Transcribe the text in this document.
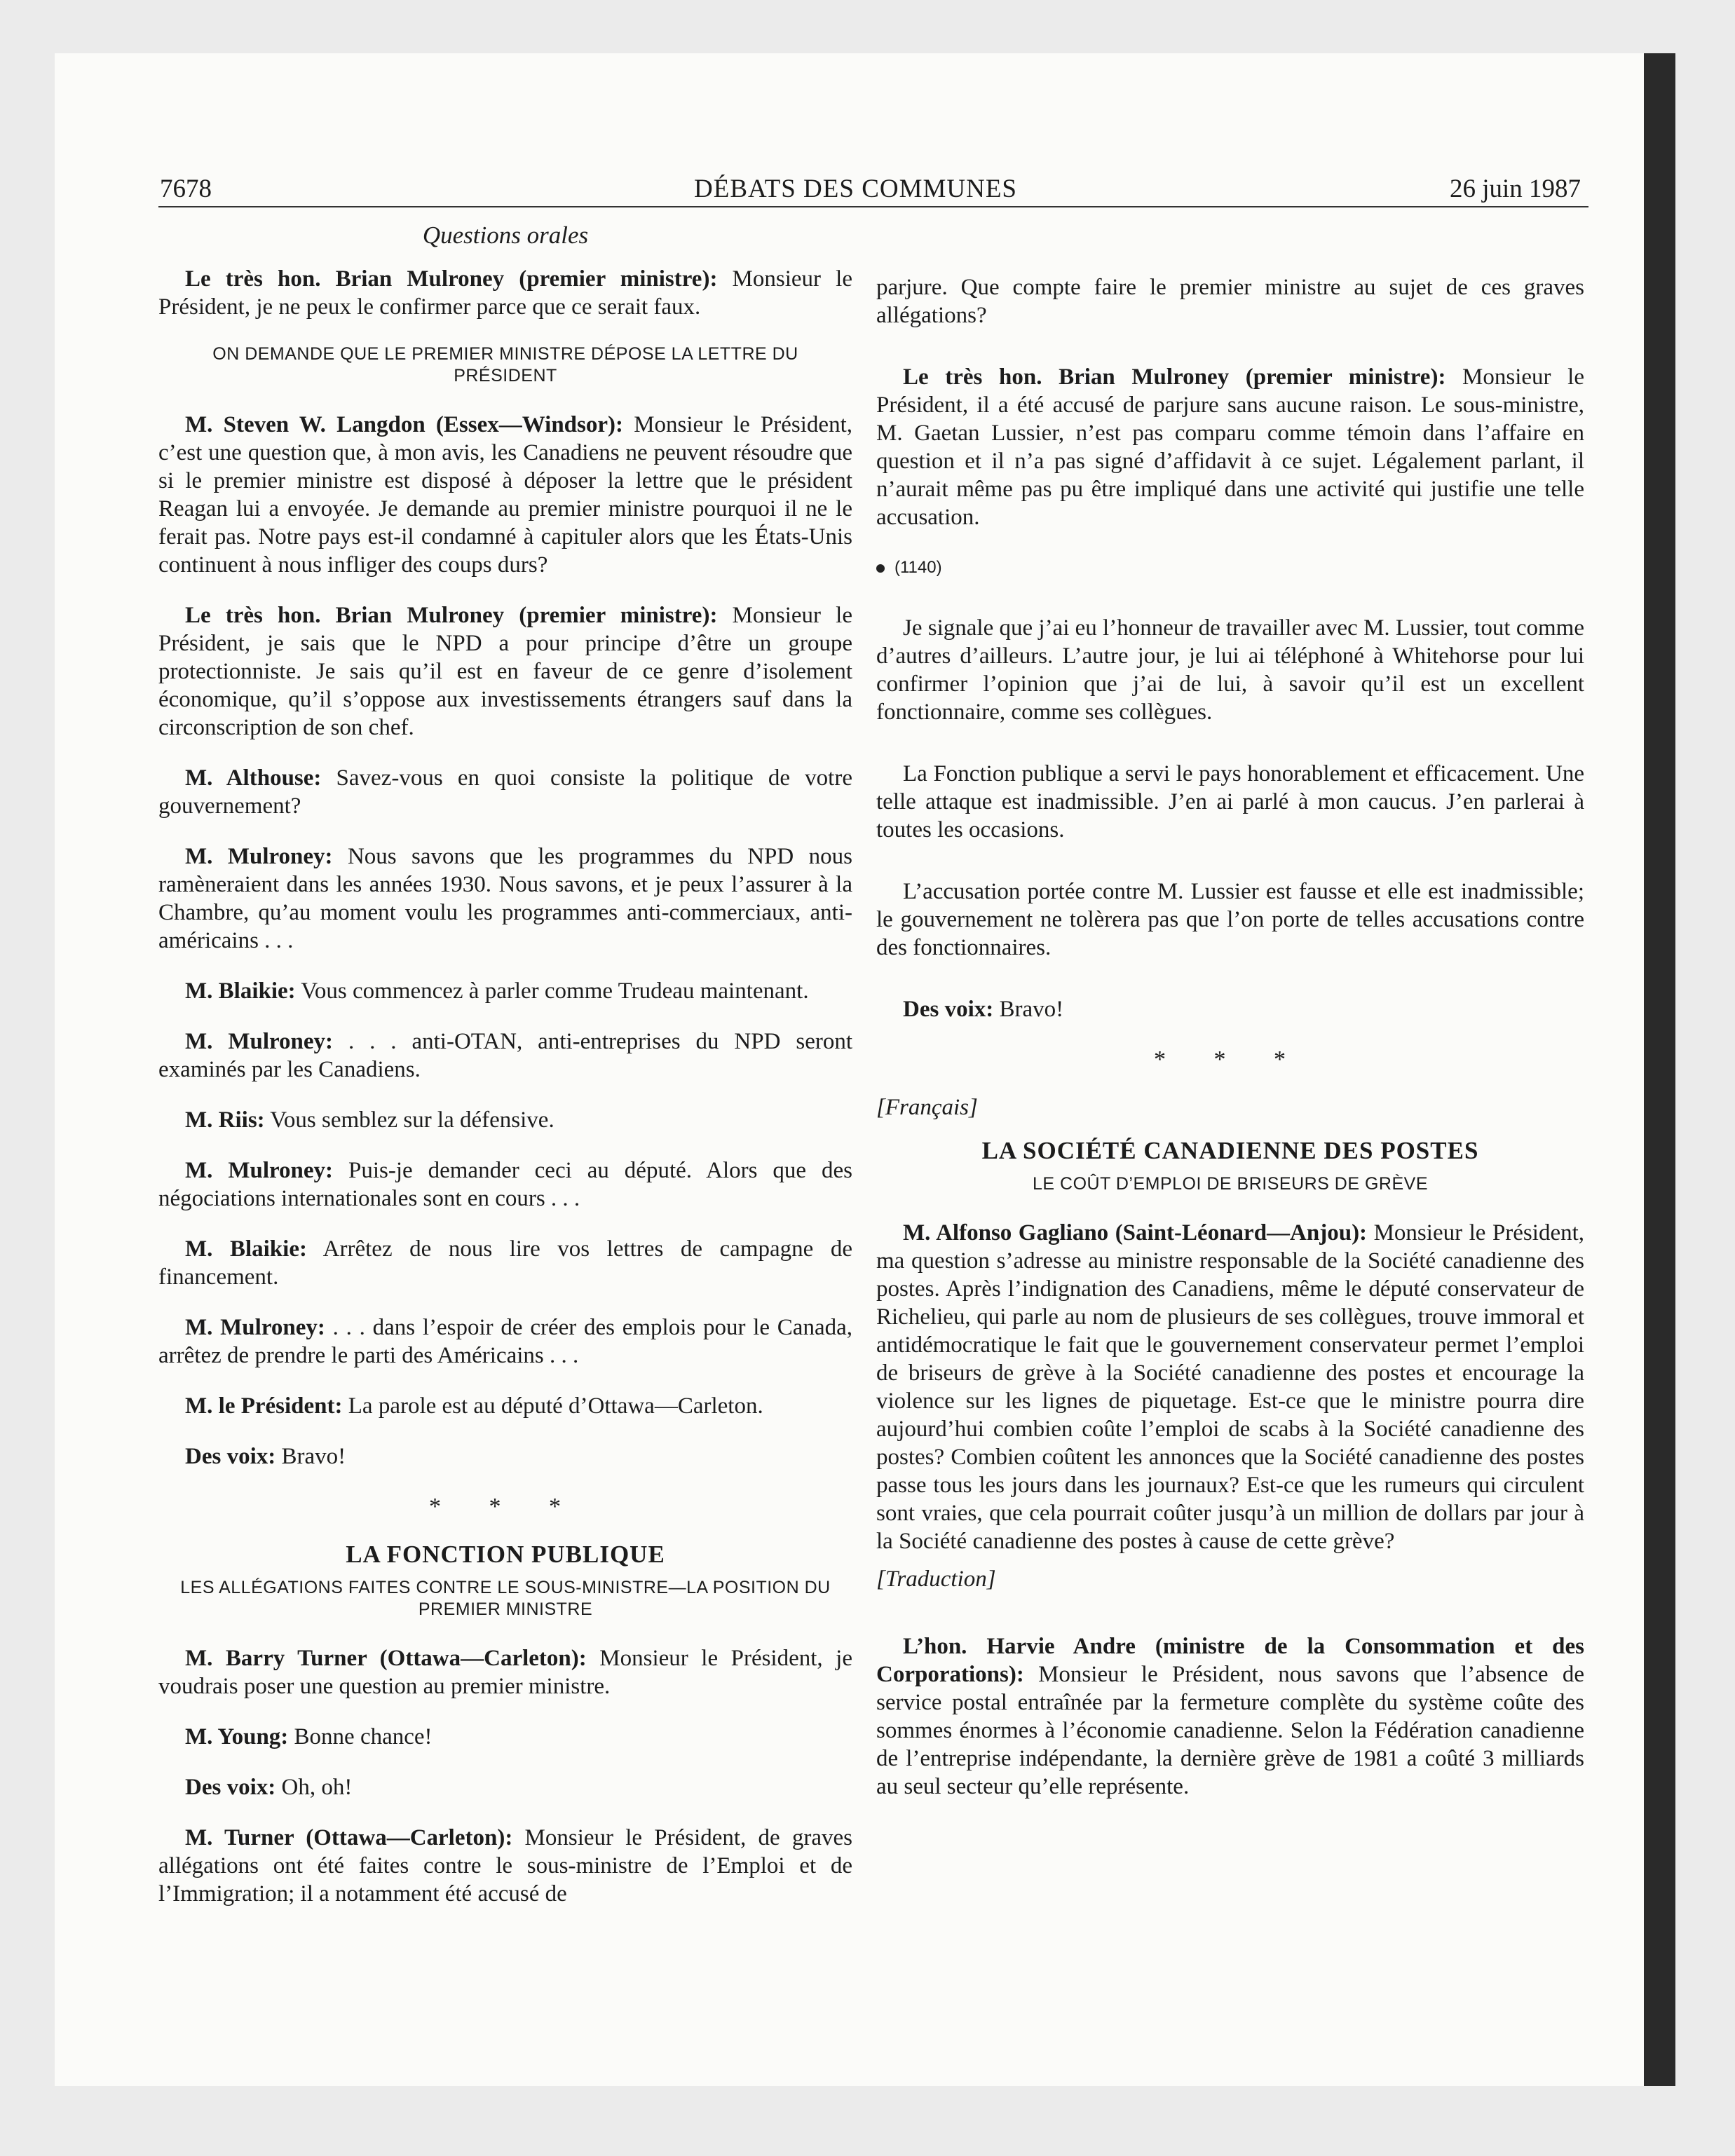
7678	DÉBATS DES COMMUNES	26 juin 1987
Questions orales

Le très hon. Brian Mulroney (premier ministre): Monsieur le Président, je ne peux le confirmer parce que ce serait faux.

ON DEMANDE QUE LE PREMIER MINISTRE DÉPOSE LA LETTRE DU PRÉSIDENT

M. Steven W. Langdon (Essex—Windsor): Monsieur le Président, c’est une question que, à mon avis, les Canadiens ne peuvent résoudre que si le premier ministre est disposé à déposer la lettre que le président Reagan lui a envoyée. Je demande au premier ministre pourquoi il ne le ferait pas. Notre pays est-il condamné à capituler alors que les États-Unis continuent à nous infliger des coups durs?

Le très hon. Brian Mulroney (premier ministre): Monsieur le Président, je sais que le NPD a pour principe d’être un groupe protectionniste. Je sais qu’il est en faveur de ce genre d’isolement économique, qu’il s’oppose aux investissements étrangers sauf dans la circonscription de son chef.

M. Althouse: Savez-vous en quoi consiste la politique de votre gouvernement?

M. Mulroney: Nous savons que les programmes du NPD nous ramèneraient dans les années 1930. Nous savons, et je peux l’assurer à la Chambre, qu’au moment voulu les programmes anti-commerciaux, anti-américains . . .

M. Blaikie: Vous commencez à parler comme Trudeau maintenant.

M. Mulroney: . . . anti-OTAN, anti-entreprises du NPD seront examinés par les Canadiens.

M. Riis: Vous semblez sur la défensive.

M. Mulroney: Puis-je demander ceci au député. Alors que des négociations internationales sont en cours . . .

M. Blaikie: Arrêtez de nous lire vos lettres de campagne de financement.

M. Mulroney: . . . dans l’espoir de créer des emplois pour le Canada, arrêtez de prendre le parti des Américains . . .

M. le Président: La parole est au député d’Ottawa—Carleton.

Des voix: Bravo!

* * *
LA FONCTION PUBLIQUE
LES ALLÉGATIONS FAITES CONTRE LE SOUS-MINISTRE—LA POSITION DU PREMIER MINISTRE

M. Barry Turner (Ottawa—Carleton): Monsieur le Président, je voudrais poser une question au premier ministre.

M. Young: Bonne chance!

Des voix: Oh, oh!

M. Turner (Ottawa—Carleton): Monsieur le Président, de graves allégations ont été faites contre le sous-ministre de l’Emploi et de l’Immigration; il a notamment été accusé de

parjure. Que compte faire le premier ministre au sujet de ces graves allégations?

Le très hon. Brian Mulroney (premier ministre): Monsieur le Président, il a été accusé de parjure sans aucune raison. Le sous-ministre, M. Gaetan Lussier, n’est pas comparu comme témoin dans l’affaire en question et il n’a pas signé d’affidavit à ce sujet. Légalement parlant, il n’aurait même pas pu être impliqué dans une activité qui justifie une telle accusation.

(1140)

Je signale que j’ai eu l’honneur de travailler avec M. Lussier, tout comme d’autres d’ailleurs. L’autre jour, je lui ai téléphoné à Whitehorse pour lui confirmer l’opinion que j’ai de lui, à savoir qu’il est un excellent fonctionnaire, comme ses collègues.

La Fonction publique a servi le pays honorablement et efficacement. Une telle attaque est inadmissible. J’en ai parlé à mon caucus. J’en parlerai à toutes les occasions.

L’accusation portée contre M. Lussier est fausse et elle est inadmissible; le gouvernement ne tolèrera pas que l’on porte de telles accusations contre des fonctionnaires.

Des voix: Bravo!

* * *
[Français]
LA SOCIÉTÉ CANADIENNE DES POSTES
LE COÛT D’EMPLOI DE BRISEURS DE GRÈVE

M. Alfonso Gagliano (Saint-Léonard—Anjou): Monsieur le Président, ma question s’adresse au ministre responsable de la Société canadienne des postes. Après l’indignation des Canadiens, même le député conservateur de Richelieu, qui parle au nom de plusieurs de ses collègues, trouve immoral et antidémocratique le fait que le gouvernement conservateur permet l’emploi de briseurs de grève à la Société canadienne des postes et encourage la violence sur les lignes de piquetage. Est-ce que le ministre pourra dire aujourd’hui combien coûte l’emploi de scabs à la Société canadienne des postes? Combien coûtent les annonces que la Société canadienne des postes passe tous les jours dans les journaux? Est-ce que les rumeurs qui circulent sont vraies, que cela pourrait coûter jusqu’à un million de dollars par jour à la Société canadienne des postes à cause de cette grève?

[Traduction]

L’hon. Harvie Andre (ministre de la Consommation et des Corporations): Monsieur le Président, nous savons que l’absence de service postal entraînée par la fermeture complète du système coûte des sommes énormes à l’économie canadienne. Selon la Fédération canadienne de l’entreprise indépendante, la dernière grève de 1981 a coûté 3 milliards au seul secteur qu’elle représente.
